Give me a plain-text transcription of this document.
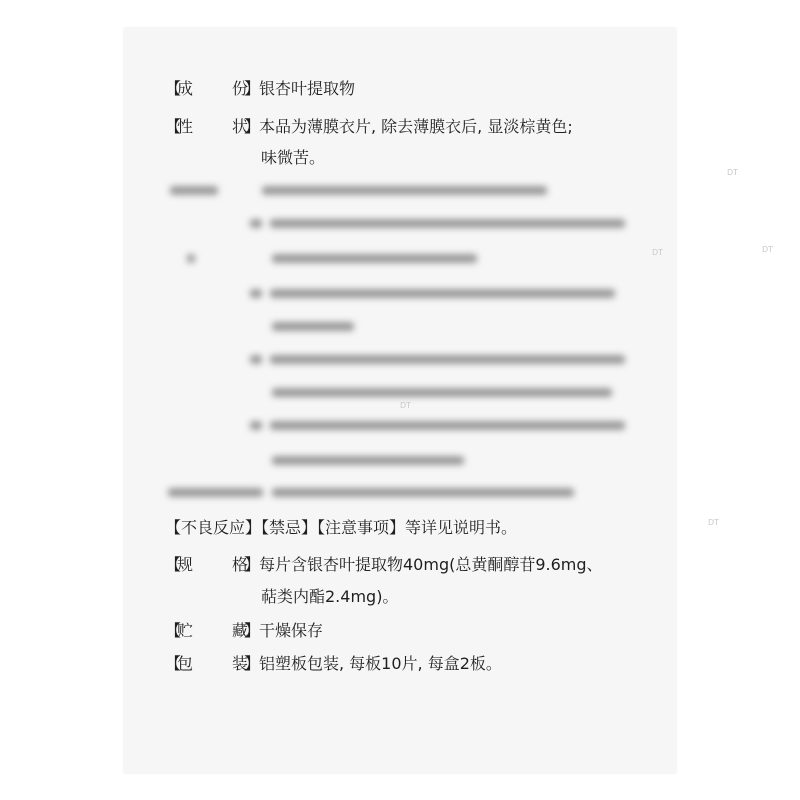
【
成 份
】
银杏叶提取物
【
性 状
】
本品为薄膜衣片, 除去薄膜衣后, 显淡棕黄色;
味微苦。
【不良反应】【禁忌】【注意事项】等详见说明书。
【
规 格
】
每片含银杏叶提取物40mg(总黄酮醇苷9.6mg、
萜类内酯2.4mg)。
【
贮 藏
】
干燥保存
【
包 装
】
铝塑板包装, 每板10片, 每盒2板。
DT
DT	DT
DT
DT
